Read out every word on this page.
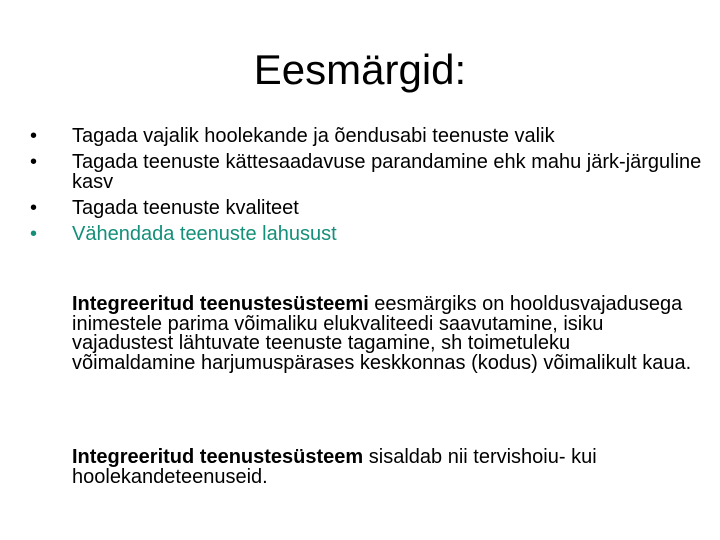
Eesmärgid:
•	Tagada vajalik hoolekande ja õendusabi teenuste valik
•	Tagada teenuste kättesaadavuse parandamine ehk mahu järk-järguline kasv
•	Tagada teenuste kvaliteet
•	Vähendada teenuste lahusust

Integreeritud teenustesüsteemi eesmärgiks on hooldusvajadusega inimestele parima võimaliku elukvaliteedi saavutamine, isiku vajadustest lähtuvate teenuste tagamine, sh toimetuleku võimaldamine harjumuspärases keskkonnas (kodus) võimalikult kaua.

Integreeritud teenustesüsteem sisaldab nii tervishoiu- kui hoolekandeteenuseid.
